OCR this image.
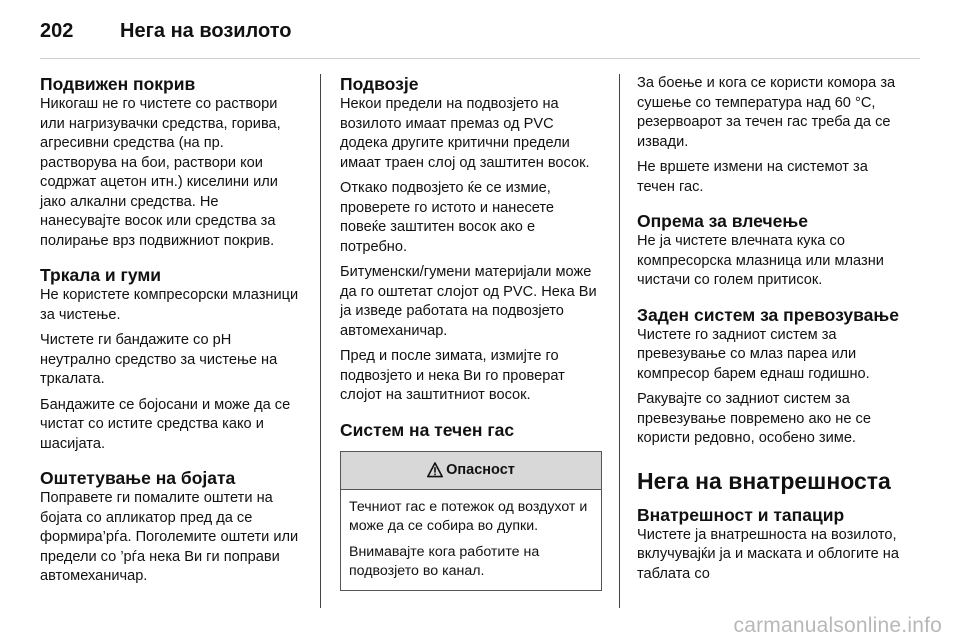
202	Нега на возилото
Подвижен покрив
Никогаш не го чистете со раствори или нагризувачки средства, горива, агресивни средства (на пр. растворува на бои, раствори кои содржат ацетон итн.) киселини или јако алкални средства. Не нанесувајте восок или средства за полирање врз подвижниот покрив.
Тркала и гуми
Не користете компресорски млазници за чистење.
Чистете ги бандажите со pH неутрално средство за чистење на тркалата.
Бандажите се бојосани и може да се чистат со истите средства како и шасијата.
Оштетување на бојата
Поправете ги помалите оштети на бојата со апликатор пред да се формира’рѓа. Поголемите оштети или предели со ’рѓа нека Ви ги поправи автомеханичар.
Подвозје
Некои предели на подвозјето на возилото имаат премаз од PVC додека другите критични предели имаат траен слој од заштитен восок.
Откако подвозјето ќе се измие, проверете го истото и нанесете повеќе заштитен восок ако е потребно.
Битуменски/гумени материјали може да го оштетат слојот од PVC. Нека Ви ја изведе работата на подвозјето автомеханичар.
Пред и после зимата, измијте го подвозјето и нека Ви го проверат слојот на заштитниот восок.
Систем на течен гас
Опасност
Течниот гас е потежок од воздухот и може да се собира во дупки.
Внимавајте кога работите на подвозјето во канал.
За боење и кога се користи комора за сушење со температура над 60 °C, резервоарот за течен гас треба да се извади.
Не вршете измени на системот за течен гас.
Опрема за влечење
Не ја чистете влечната кука со компресорска млазница или млазни чистачи со голем притисок.
Заден систем за превозување
Чистете го задниот систем за превезување со млаз пареа или компресор барем еднаш годишно.
Ракувајте со задниот систем за превезување повремено ако не се користи редовно, особено зиме.
Нега на внатрешноста
Внатрешност и тапацир
Чистете ја внатрешноста на возилото, вклучувајќи ја и маската и облогите на таблата со
carmanualsonline.info
